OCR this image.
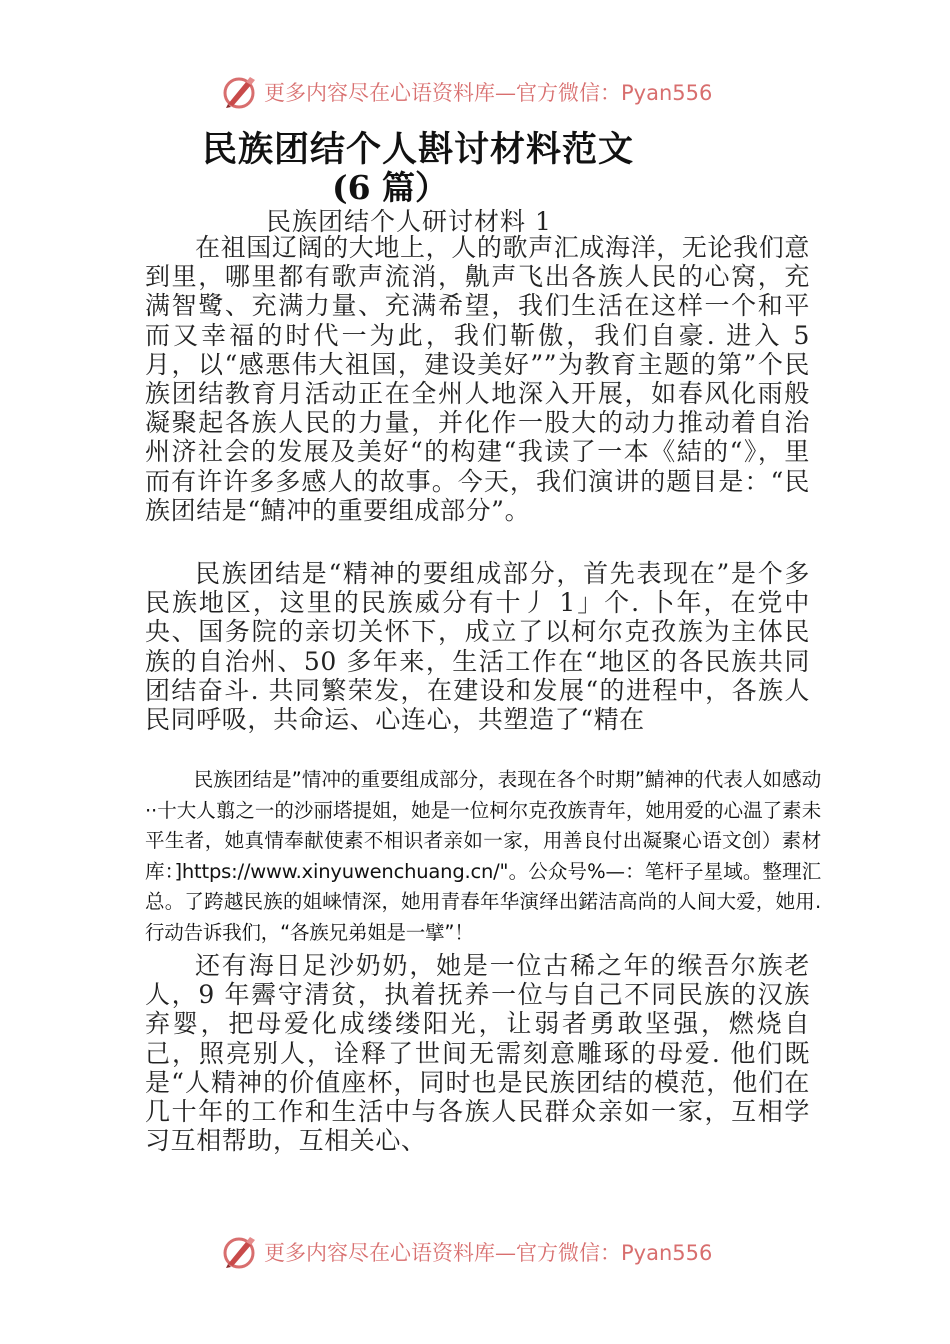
更多内容尽在心语资料库—官方微信：Pyan556
民族团结个人斟讨材料范文
(6 篇）
民族团结个人研讨材料 1

在祖国辽阔的大地上，人的歌声汇成海洋，无论我们意到里，哪里都有歌声流消，鼽声飞出各族人民的心窝，充满智鹭、充满力量、充满希望，我们生活在这样一个和平而又幸福的时代一为此，我们靳傲，我们自豪. 进入 5 月，以“感悪伟大祖国，建设美好””为教育主题的第”个民族团结教育月活动正在全州人地深入开展，如春风化雨般凝聚起各族人民的力量，并化作一股大的动力推动着自治州济社会的发展及美好“的构建“我读了一本《結的“》，里而有许许多多感人的故事。今天，我们演讲的题目是：“民族团结是“鯖冲的重要组成部分”。

民族团结是“精神的要组成部分，首先表现在”是个多民族地区，这里的民族威分有十丿 1」个. 卜年，在党中央、国务院的亲切关怀下，成立了以柯尔克孜族为主体民族的自治州、50 多年来，生活工作在“地区的各民族共同团结奋斗. 共同繁荣发，在建设和发展“的进程中，各族人民同呼吸，共命运、心连心，共塑造了“精在

民族团结是”情冲的重要组成部分，表现在各个时期”鯖神的代表人如感动··十大人翦之一的沙丽塔提姐，她是一位柯尔克孜族青年，她用爱的心温了素未平生者，她真情奉献使素不相识者亲如一家，用善良付出凝聚心语文创）素材库：]https://www.xinyuwenchuang.cn/"。公众号%—：笔杆子星域。整理汇总。了跨越民族的姐崃情深，她用青春年华演绎出鍩洁高尚的人间大爱，她用. 行动告诉我们，“各族兄弟姐是一擘”！

还有海日足沙奶奶，她是一位古稀之年的缑吾尔族老人，9 年霽守清贫，执着抚养一位与自己不同民族的汉族弃婴，把母爱化成缕缕阳光，让弱者勇敢坚强，燃烧自己，照亮别人，诠释了世间无需刻意雕琢的母爱. 他们既是“人精神的价值座杯，同时也是民族团结的模范，他们在几十年的工作和生活中与各族人民群众亲如一家，互相学习互相帮助，互相关心、

更多内容尽在心语资料库—官方微信：Pyan556
